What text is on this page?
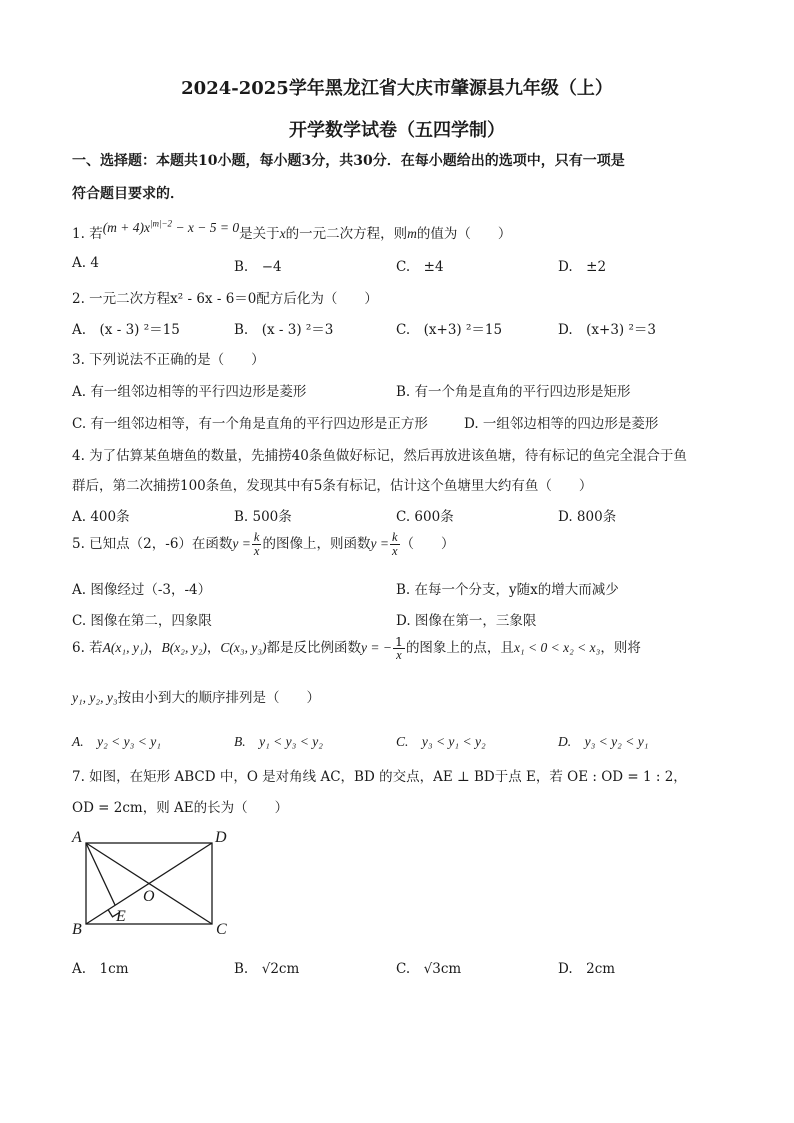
2024-2025学年黑龙江省大庆市肇源县九年级（上）
开学数学试卷（五四学制）
一、选择题：本题共10小题，每小题3分，共30分．在每小题给出的选项中，只有一项是
符合题目要求的．
1. 若$(m + 4)x^{|m|-2} - x - 5 = 0$是关于x的一元二次方程，则m的值为（　　）
A. 4	B.　−4	C.　±4	D.　±2
2. 一元二次方程x² - 6x - 6＝0配方后化为（　　）
A.　(x - 3) ²＝15	B.　(x - 3) ²＝3	C.　(x+3) ²＝15	D.　(x+3) ²＝3
3. 下列说法不正确的是（　　）
A. 有一组邻边相等的平行四边形是菱形	B. 有一个角是直角的平行四边形是矩形
C. 有一组邻边相等，有一个角是直角的平行四边形是正方形	D. 一组邻边相等的四边形是菱形
4. 为了估算某鱼塘鱼的数量，先捕捞40条鱼做好标记，然后再放进该鱼塘，待有标记的鱼完全混合于鱼
群后，第二次捕捞100条鱼，发现其中有5条有标记，估计这个鱼塘里大约有鱼（　　）
A. 400条	B. 500条	C. 600条	D. 800条
5. 已知点（2，-6）在函数$y = \frac{k}{x}$ 的图像上，则函数$y = \frac{k}{x}$ （　　）
A. 图像经过（-3，-4）	B. 在每一个分支，y随x的增大而减少
C. 图像在第二，四象限	D. 图像在第一，三象限
6. 若A(x₁, y₁)，B(x₂, y₂)，C(x₃, y₃)都是反比例函数y = − $\frac{1}{x}$ 的图象上的点，且x₁ < 0 < x₂ < x₃，则将
y₁, y₂, y₃按由小到大的顺序排列是（　　）
A.　y₂ < y₃ < y₁	B.　y₁ < y₃ < y₂	C.　y₃ < y₁ < y₂	D.　y₃ < y₂ < y₁
7. 如图，在矩形 ABCD 中，O 是对角线 AC，BD 的交点，AE ⊥ BD于点 E，若 OE : OD = 1 : 2，
OD = 2cm，则 AE的长为（　　）
A	D
B	C
O
E
A.　1cm	B.　√2cm	C.　√3cm	D.　2cm
